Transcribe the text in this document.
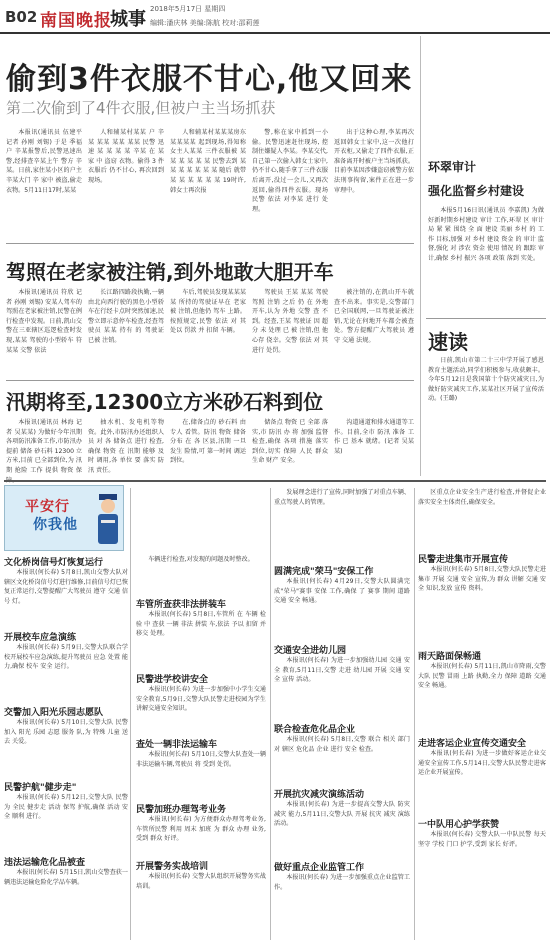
B02 南国晚报
城事 2018年5月17日 星期四
编辑:潘庆林 美编:陈航 校对:邵莉莲
偷到3件衣服不甘心,他又回来
第二次偷到了4件衣服,但被户主当场抓获

本报讯(通讯员 伍建平 记者 孙刚 刘锡) 于是 季福 户 辛某报警后,民警迅速出警,经排查辛某上午 警方 辛某。日前,家住某小区的户主辛某大门 辛 家中 被盗,偷走衣物。5月11日17时,某某

人和辅某村某某 户 辛某 某某 某某 某某 民警 迅速 某 某 某 某 辛某 在 某 家 中 盗窃 衣物。偷得 3 件衣服后 仍不甘心, 再次回到 现场。

人和辅某村某某某房东某某某某 起到现场,得知称女主人某某 三件衣服被 某 某 某 某 某 某 民警去到 某 某 某 某 某 某 某 随后 就带 某 某 某 某 某 某 19时许,韩女士再次报

警,称在家中抓到一小偷。民警迅速赶往现场, 控制住嫌疑人李某。李某交代,自己第一次偷入韩女士家中,仍不甘心,随手拿了三件衣服后离开,没过一会儿,又再次返回,偷得四件衣服。现场 民警 依法 对李某 进行 处理。

出于这种心理,李某再次返回韩女士家中,这一次他打开衣柜,又偷走了四件衣服,正准备离开时被户主当场抓获。目前李某因涉嫌盗窃被警方依法刑事拘留,案件正在进一步审理中。

驾照在老家被注销,到外地敢大胆开车

本报讯(通讯员 符欣 记者 孙刚 刘锡) 安某人驾车的驾照在老家被注销,民警在例行检查中发现。日前,凯山交警在三亚辖区巡逻检查时发现,某某 驾驶的小型轿车 符某某 交警 依法

长江路四路段执勤,一辆由北向西行驶的黑色小型轿车在行经卡点时突然加速,民警立即示意停车检查,经查驾驶员 某某 持有 的 驾驶证 已被 注销。

车后,驾驶员发现某某某某 所持的驾驶证早在 老家 被 注销,但他仍 驾车 上路。按照规定,民警 依法 对 其 处以 罚款 并 扣留 车辆。

驾驶员 王某 某某 驾驶 驾照 注销 之后 仍 在 外地 开车,认为 外地 交警 查 不到。经查,王某 驾驶证 因 超分 未 处理 已 被 注销,但 他 心存 侥幸。交警 依法 对 其 进行 处罚。

被注销的,在凯山开车就查不出来。事实是,交警部门已全国联网,一旦驾驶证被注销,无论在何地开车都会被查处。警方提醒广大驾驶员 遵守 交通 法规。

汛期将至,12300立方米砂石料到位

本报讯(通讯员 林海 记者 吴某某) 为做好今年汛期各项防汛准备工作,市防汛办 提前 储备 砂石料 12300 立方米,目前 已全部到位,为 汛期 抢险 工作 提供 物资 保

抽水机、发电机等物资。此外,市防汛办还组织人员 对 各 储备点 进行 检查, 确保 物资 在 汛期 能够 及时 调用,各 单位 要 落实 防汛 责任。

在,储备点的 砂石料 由专人 看管。防汛 物资 储备 分布 在 各 区县,汛期 一旦 发生 险情,可 第一时间 调运 到位。

储备点 物资 已 全部 落实,市 防汛 办 将 加强 监督 检查,确保 各项 措施 落实 到位,切实 保障 人民 群众 生命 财产 安全。

沟道通道和排水通道等工作。目前,全市 防汛 准备 工作 已 基本 就绪。(记者 吴某某)

环翠审计
强化监督乡村建设

本报5月16日讯(通讯员 李嘉凯) 为做好新时期乡村建设 审计 工作,环翠 区 审计局 紧 紧 围绕 全 面 建设 美丽 乡村 的 工作 目标,加强 对 乡村 建设 资金 的 审计 监督,强化 对 涉农 资金 使用 情况 的 跟踪 审计,确保 乡村 振兴 各项 政策 落到 实处。

速读

日前,凯山市第二十三中学开展了感恩教育主题活动,同学们积极参与,收获颇丰。今年5月12日是我国第十个防灾减灾日,为做好防灾减灾工作,某某社区开展了宣传活动。(王璐)

平安行
你我他
文化桥岗信号灯恢复运行

本报讯(何长春) 5月8日,凯山交警大队对辖区文化桥岗信号灯进行维修,目前信号灯已恢复正常运行,交警提醒广大驾驶员 遵守 交通 信号 灯。

开展校车应急演练

本报讯(何长春) 5月9日,交警大队联合学校开展校车应急演练,提升驾驶员 应急 处置 能力,确保 校车 安全 运行。

交警加入阳光乐园志愿队

本报讯(何长春) 5月10日,交警大队 民警 加入 阳光 乐园 志愿 服务 队,为 特殊 儿童 送去 关爱。

民警护航"健步走"

本报讯(何长春) 5月12日,交警大队 民警 为 全民 健步走 活动 保驾 护航,确保 活动 安全 顺利 进行。

违法运输危化品被查

本报讯(何长春) 5月15日,凯山交警查获一辆违法运输危险化学品车辆。

车辆进行检查,对发现的问题及时整改。

车管所查获非法拼装车

本报讯(何长春) 5月8日,车管所 在 车辆 检验 中 查获 一辆 非法 拼装 车,依法 予以 扣留 并 移交 处理。

民警进学校讲安全

本报讯(何长春) 为进一步加强中小学生交通安全教育,5月9日,交警大队民警走进校园为学生讲解交通安全知识。

查处一辆非法运输车

本报讯(何长春) 5月10日,交警大队查处一辆非法运输车辆,驾驶员 将 受到 处罚。

民警加班办理驾考业务

本报讯(何长春) 为方便群众办理驾考业务,车管所民警 利用 周末 加班 为 群众 办理 业务,受到 群众 好评。

开展警务实战培训

本报讯(何长春) 交警大队组织开展警务实战培训。

发展理念进行了宣传,同时加强了对重点车辆、重点驾驶人的管理。

圆满完成"荣马"安保工作

本报讯(何长春) 4月29日,交警大队圆满完成"荣马"赛事 安保 工作,确保 了 赛事 期间 道路 交通 安全 畅通。

交通安全进幼儿园

本报讯(何长春) 为进一步加强幼儿园 交通 安全 教育,5月11日,交警 走进 幼儿园 开展 交通 安全 宣传 活动。

联合检查危化品企业

本报讯(何长春) 5月8日,交警 联合 相关 部门 对 辖区 危化品 企业 进行 安全 检查。

开展抗灾减灾演练活动

本报讯(何长春) 为进一步提高交警大队 防灾 减灾 能力,5月11日,交警大队 开展 抗灾 减灾 演练 活动。

做好重点企业监管工作

本报讯(何长春) 为进一步加强重点企业监管工作。

区重点企业安全生产进行检查,并督促企业落实安全主体责任,确保安全。

民警走进集市开展宣传

本报讯(何长春) 5月8日,交警大队民警走进 集市 开展 交通 安全 宣传,为 群众 讲解 交通 安全 知识,发放 宣传 资料。

雨天路面保畅通

本报讯(何长春) 5月11日,凯山市降雨,交警大队 民警 冒雨 上路 执勤,全力 保障 道路 交通 安全 畅通。

走进客运企业宣传交通安全

本报讯(何长春) 为进一步做好客运企业交通安全宣传工作,5月14日,交警大队民警走进客运企业开展宣传。

一中队用心护学获赞

本报讯(何长春) 交警大队一中队民警 每天 坚守 学校 门口 护学,受到 家长 好评。
